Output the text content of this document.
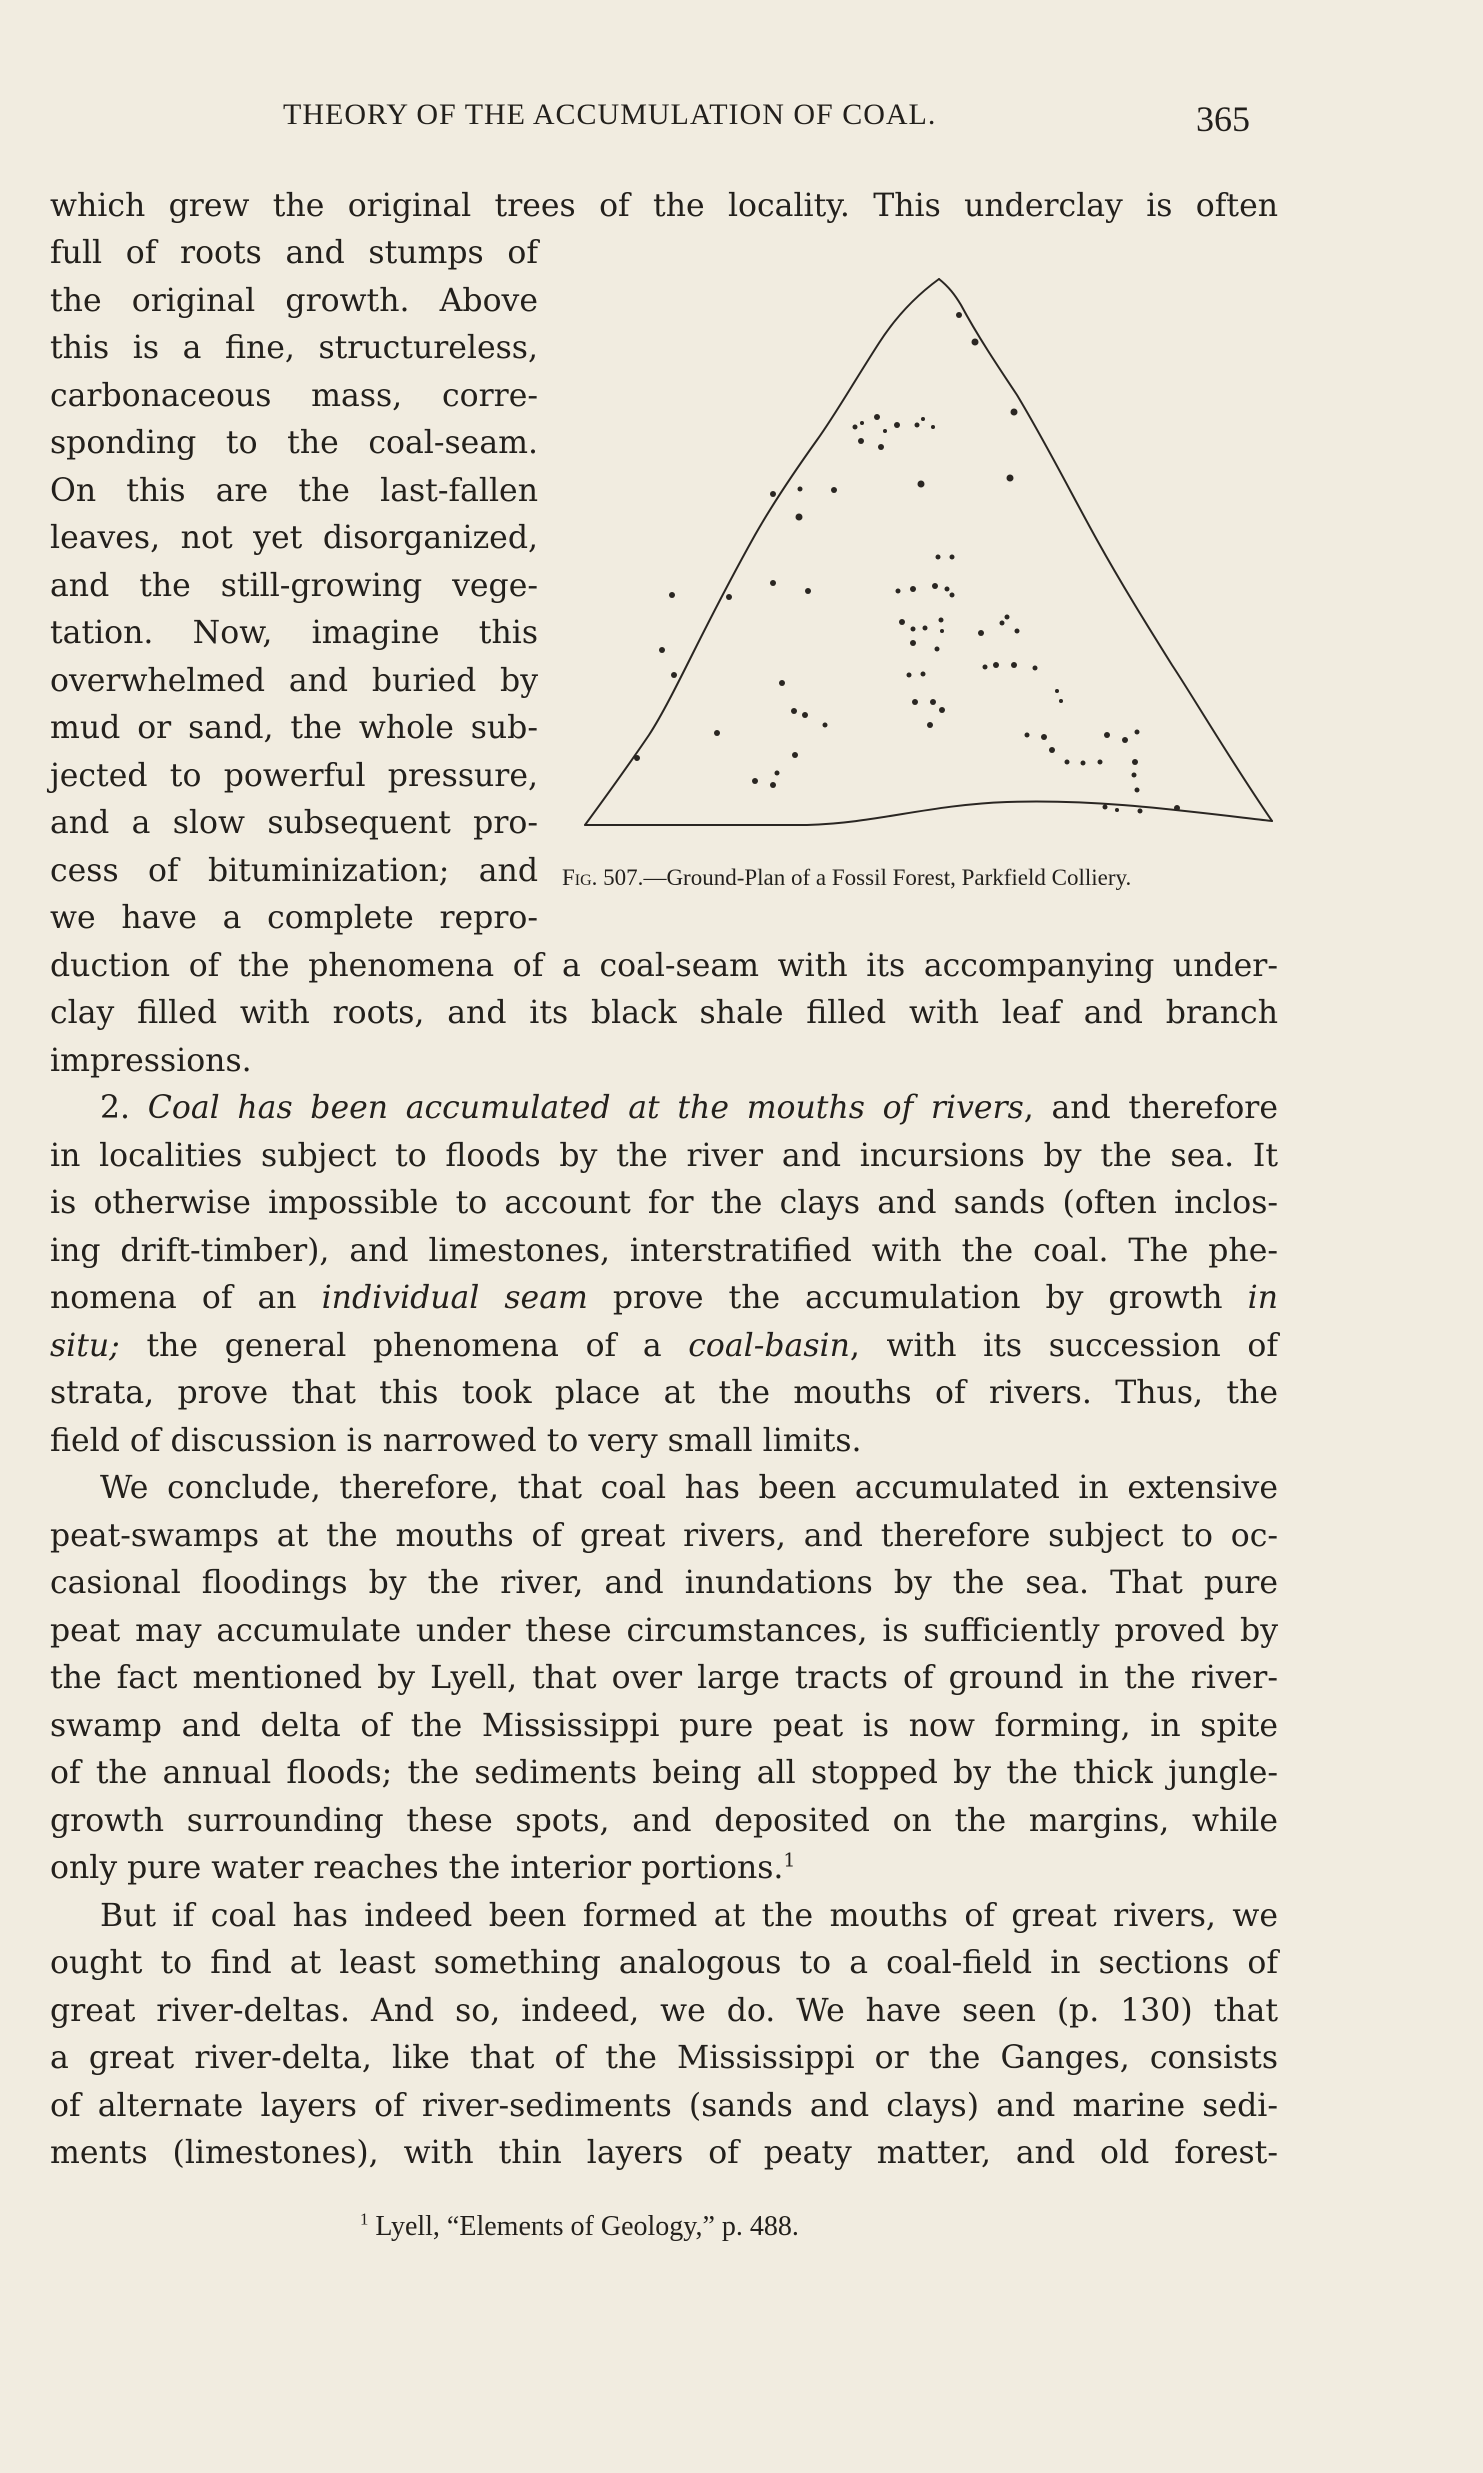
THEORY OF THE ACCUMULATION OF COAL.	365
which grew the original trees of the locality. This underclay is often
full of roots and stumps of
the original growth. Above
this is a fine, structureless,
carbonaceous mass, corre-
sponding to the coal-seam.
On this are the last-fallen
leaves, not yet disorganized,
and the still-growing vege-
tation. Now, imagine this
overwhelmed and buried by
mud or sand, the whole sub-
jected to powerful pressure,
and a slow subsequent pro-
cess of bituminization; and
we have a complete repro-
duction of the phenomena of a coal-seam with its accompanying under-
clay filled with roots, and its black shale filled with leaf and branch
impressions.
2. Coal has been accumulated at the mouths of rivers, and therefore
in localities subject to floods by the river and incursions by the sea. It
is otherwise impossible to account for the clays and sands (often inclos-
ing drift-timber), and limestones, interstratified with the coal. The phe-
nomena of an individual seam prove the accumulation by growth in
situ; the general phenomena of a coal-basin, with its succession of
strata, prove that this took place at the mouths of rivers. Thus, the
field of discussion is narrowed to very small limits.
We conclude, therefore, that coal has been accumulated in extensive
peat-swamps at the mouths of great rivers, and therefore subject to oc-
casional floodings by the river, and inundations by the sea. That pure
peat may accumulate under these circumstances, is sufficiently proved by
the fact mentioned by Lyell, that over large tracts of ground in the river-
swamp and delta of the Mississippi pure peat is now forming, in spite
of the annual floods; the sediments being all stopped by the thick jungle-
growth surrounding these spots, and deposited on the margins, while
only pure water reaches the interior portions.$^1$
But if coal has indeed been formed at the mouths of great rivers, we
ought to find at least something analogous to a coal-field in sections of
great river-deltas. And so, indeed, we do. We have seen (p. 130) that
a great river-delta, like that of the Mississippi or the Ganges, consists
of alternate layers of river-sediments (sands and clays) and marine sedi-
ments (limestones), with thin layers of peaty matter, and old forest-
Fig. 507.—Ground-Plan of a Fossil Forest, Parkfield Colliery.
$^1$ Lyell, “Elements of Geology,” p. 488.
